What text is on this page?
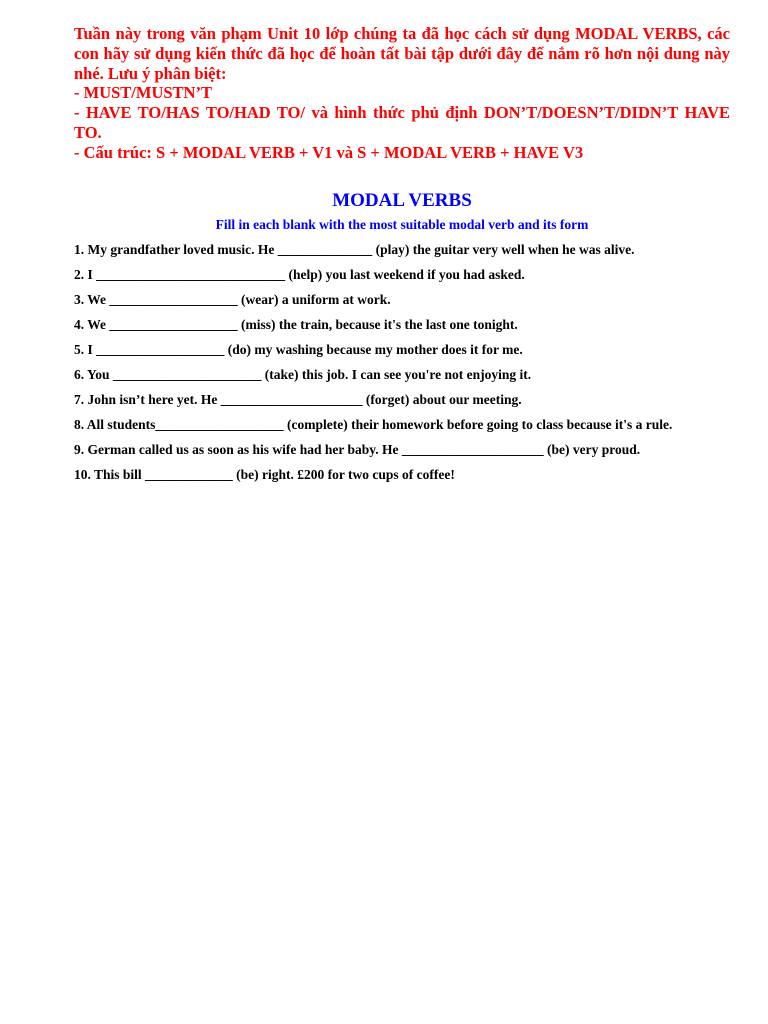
Tuần này trong văn phạm Unit 10 lớp chúng ta đã học cách sử dụng MODAL VERBS, các con hãy sử dụng kiến thức đã học để hoàn tất bài tập dưới đây để nắm rõ hơn nội dung này nhé. Lưu ý phân biệt:

- MUST/MUSTN’T

- HAVE TO/HAS TO/HAD TO/ và hình thức phủ định DON’T/DOESN’T/DIDN’T HAVE TO.

- Cấu trúc: S + MODAL VERB + V1 và S + MODAL VERB + HAVE V3

MODAL VERBS

Fill in each blank with the most suitable modal verb and its form

1. My grandfather loved music. He ______________ (play) the guitar very well when he was alive.
2. I ____________________________ (help) you last weekend if you had asked.
3. We ___________________ (wear) a uniform at work.
4. We ___________________ (miss) the train, because it's the last one tonight.
5. I ___________________ (do) my washing because my mother does it for me.
6. You ______________________ (take) this job. I can see you're not enjoying it.
7. John isn’t here yet. He _____________________ (forget) about our meeting.
8. All students___________________ (complete) their homework before going to class because it's a rule.
9. German called us as soon as his wife had her baby. He _____________________ (be) very proud.
10. This bill _____________ (be) right. £200 for two cups of coffee!
